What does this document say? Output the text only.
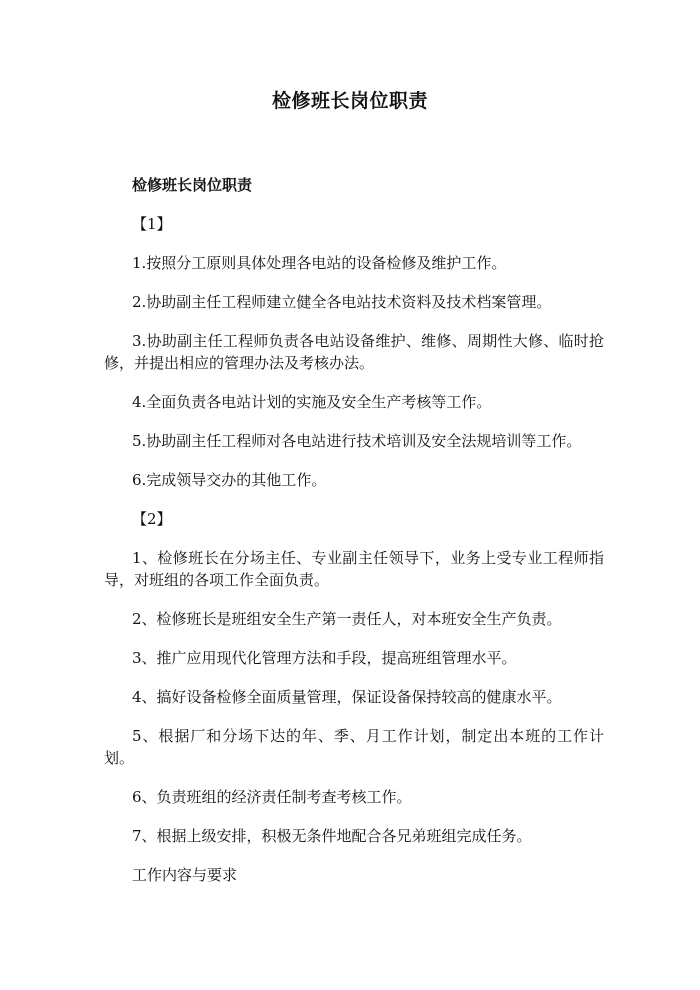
检修班长岗位职责

检修班长岗位职责

【1】

1.按照分工原则具体处理各电站的设备检修及维护工作。

2.协助副主任工程师建立健全各电站技术资料及技术档案管理。

3.协助副主任工程师负责各电站设备维护、维修、周期性大修、临时抢修，并提出相应的管理办法及考核办法。

4.全面负责各电站计划的实施及安全生产考核等工作。

5.协助副主任工程师对各电站进行技术培训及安全法规培训等工作。

6.完成领导交办的其他工作。

【2】

1、检修班长在分场主任、专业副主任领导下，业务上受专业工程师指导，对班组的各项工作全面负责。

2、检修班长是班组安全生产第一责任人，对本班安全生产负责。

3、推广应用现代化管理方法和手段，提高班组管理水平。

4、搞好设备检修全面质量管理，保证设备保持较高的健康水平。

5、根据厂和分场下达的年、季、月工作计划，制定出本班的工作计划。

6、负责班组的经济责任制考查考核工作。

7、根据上级安排，积极无条件地配合各兄弟班组完成任务。

工作内容与要求
